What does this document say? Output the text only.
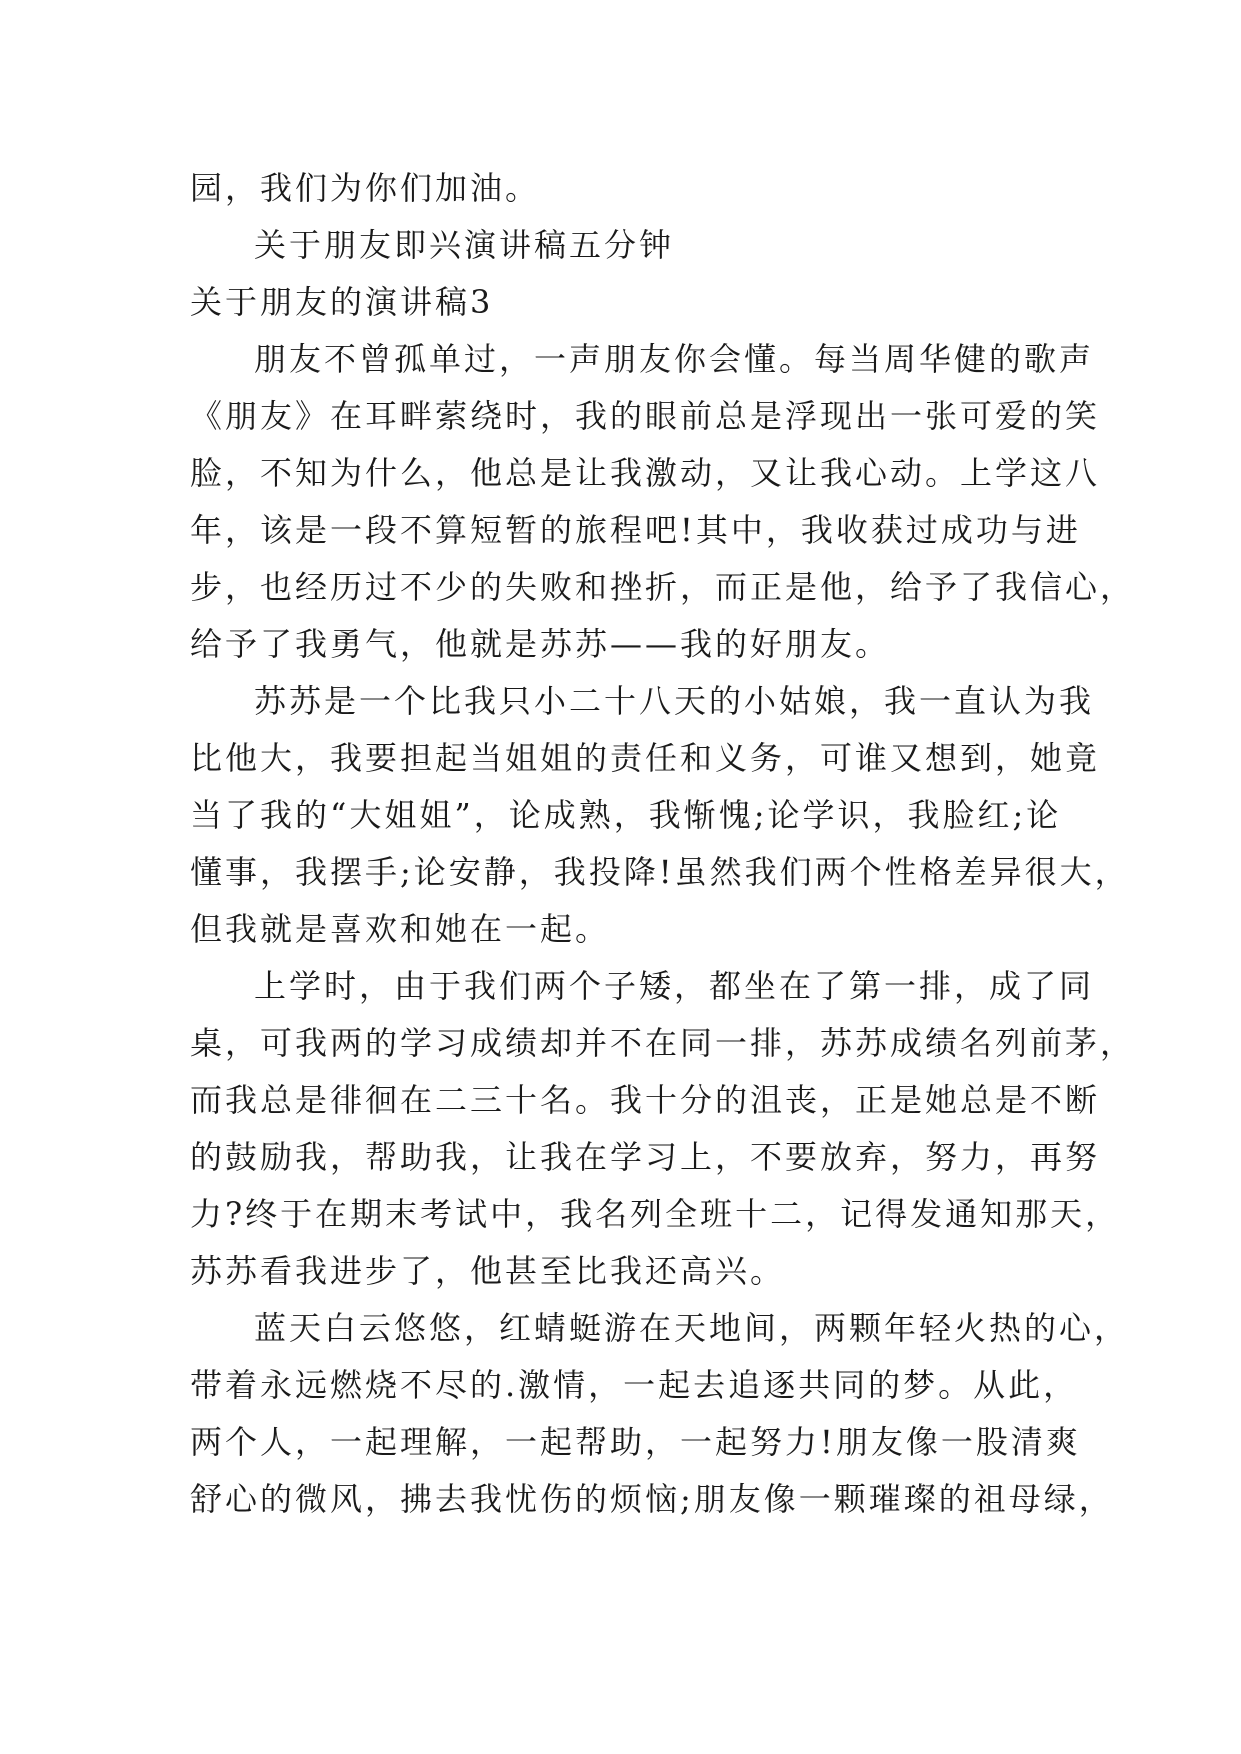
园，我们为你们加油。
关于朋友即兴演讲稿五分钟
关于朋友的演讲稿3
朋友不曾孤单过，一声朋友你会懂。每当周华健的歌声
《朋友》在耳畔萦绕时，我的眼前总是浮现出一张可爱的笑
脸，不知为什么，他总是让我激动，又让我心动。上学这八
年，该是一段不算短暂的旅程吧!其中，我收获过成功与进
步，也经历过不少的失败和挫折，而正是他，给予了我信心，
给予了我勇气，他就是苏苏——我的好朋友。
苏苏是一个比我只小二十八天的小姑娘，我一直认为我
比他大，我要担起当姐姐的责任和义务，可谁又想到，她竟
当了我的“大姐姐”，论成熟，我惭愧;论学识，我脸红;论
懂事，我摆手;论安静，我投降!虽然我们两个性格差异很大，
但我就是喜欢和她在一起。
上学时，由于我们两个子矮，都坐在了第一排，成了同
桌，可我两的学习成绩却并不在同一排，苏苏成绩名列前茅，
而我总是徘徊在二三十名。我十分的沮丧，正是她总是不断
的鼓励我，帮助我，让我在学习上，不要放弃，努力，再努
力?终于在期末考试中，我名列全班十二，记得发通知那天，
苏苏看我进步了，他甚至比我还高兴。
蓝天白云悠悠，红蜻蜓游在天地间，两颗年轻火热的心，
带着永远燃烧不尽的.激情，一起去追逐共同的梦。从此，
两个人，一起理解，一起帮助，一起努力!朋友像一股清爽
舒心的微风，拂去我忧伤的烦恼;朋友像一颗璀璨的祖母绿，
